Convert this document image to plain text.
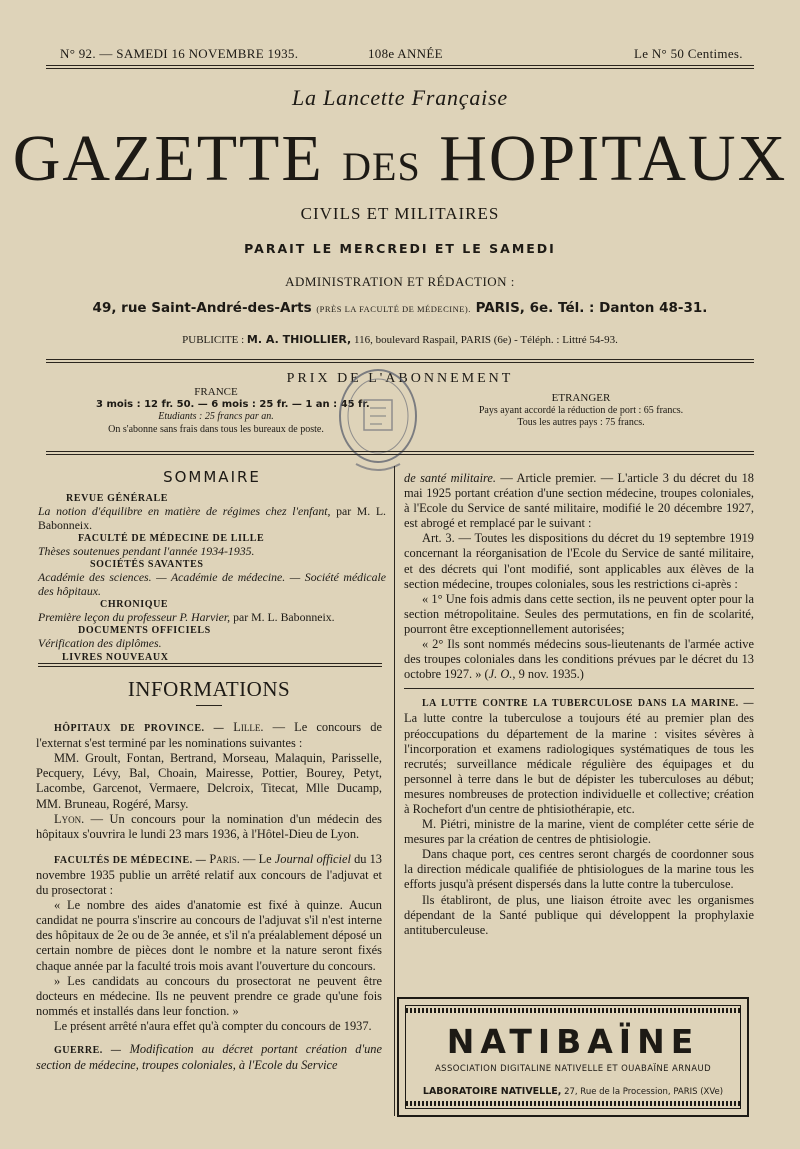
N° 92. — SAMEDI 16 NOVEMBRE 1935.	108e ANNÉE	Le N° 50 Centimes.
La Lancette Française
GAZETTE DES HOPITAUX
CIVILS ET MILITAIRES
PARAIT LE MERCREDI ET LE SAMEDI
ADMINISTRATION ET RÉDACTION :
49, rue Saint-André-des-Arts (PRÈS LA FACULTÉ DE MÉDECINE). PARIS, 6e. Tél. : Danton 48-31.
PUBLICITE : M. A. THIOLLIER, 116, boulevard Raspail, PARIS (6e) - Téléph. : Littré 54-93.
PRIX DE L'ABONNEMENT
FRANCE
3 mois : 12 fr. 50. — 6 mois : 25 fr. — 1 an : 45 fr.
Etudiants : 25 francs par an.
On s'abonne sans frais dans tous les bureaux de poste.
ETRANGER
Pays ayant accordé la réduction de port : 65 francs.
Tous les autres pays : 75 francs.
SOMMAIRE
REVUE GÉNÉRALE
La notion d'équilibre en matière de régimes chez l'enfant, par M. L. Babonneix.
FACULTÉ DE MÉDECINE DE LILLE
Thèses soutenues pendant l'année 1934-1935.
SOCIÉTÉS SAVANTES
Académie des sciences. — Académie de médecine. — Société médicale des hôpitaux.
CHRONIQUE
Première leçon du professeur P. Harvier, par M. L. Babonneix.
DOCUMENTS OFFICIELS
Vérification des diplômes.
LIVRES NOUVEAUX
INFORMATIONS

HÔPITAUX DE PROVINCE. — Lille. — Le concours de l'externat s'est terminé par les nominations suivantes :

MM. Groult, Fontan, Bertrand, Morseau, Malaquin, Parisselle, Pecquery, Lévy, Bal, Choain, Mairesse, Pottier, Bourey, Petyt, Lacombe, Garcenot, Vermaere, Delcroix, Titecat, Mlle Ducamp, MM. Bruneau, Rogéré, Marsy.

Lyon. — Un concours pour la nomination d'un médecin des hôpitaux s'ouvrira le lundi 23 mars 1936, à l'Hôtel-Dieu de Lyon.

FACULTÉS DE MÉDECINE. — Paris. — Le Journal officiel du 13 novembre 1935 publie un arrêté relatif aux concours de l'adjuvat et du prosectorat :

« Le nombre des aides d'anatomie est fixé à quinze. Aucun candidat ne pourra s'inscrire au concours de l'adjuvat s'il n'est interne des hôpitaux de 2e ou de 3e année, et s'il n'a préalablement déposé un certain nombre de pièces dont le nombre et la nature seront fixés chaque année par la faculté trois mois avant l'ouverture du concours.

» Les candidats au concours du prosectorat ne peuvent être docteurs en médecine. Ils ne peuvent prendre ce grade qu'une fois nommés et installés dans leur fonction. »

Le présent arrêté n'aura effet qu'à compter du concours de 1937.

GUERRE. — Modification au décret portant création d'une section de médecine, troupes coloniales, à l'Ecole du Service

de santé militaire. — Article premier. — L'article 3 du décret du 18 mai 1925 portant création d'une section médecine, troupes coloniales, à l'Ecole du Service de santé militaire, modifié le 20 décembre 1927, est abrogé et remplacé par le suivant :

Art. 3. — Toutes les dispositions du décret du 19 septembre 1919 concernant la réorganisation de l'Ecole du Service de santé militaire, et des décrets qui l'ont modifié, sont applicables aux élèves de la section médecine, troupes coloniales, sous les restrictions ci-après :

« 1° Une fois admis dans cette section, ils ne peuvent opter pour la section métropolitaine. Seules des permutations, en fin de scolarité, pourront être exceptionnellement autorisées;

« 2° Ils sont nommés médecins sous-lieutenants de l'armée active des troupes coloniales dans les conditions prévues par le décret du 13 octobre 1927. » (J. O., 9 nov. 1935.)

LA LUTTE CONTRE LA TUBERCULOSE DANS LA MARINE. — La lutte contre la tuberculose a toujours été au premier plan des préoccupations du département de la marine : visites sévères à l'incorporation et examens radiologiques systématiques de tous les recrutés; surveillance médicale régulière des équipages et du personnel à terre dans le but de dépister les tuberculoses au début; mesures nombreuses de protection individuelle et collective; création à Rochefort d'un centre de phtisiothérapie, etc.

M. Piétri, ministre de la marine, vient de compléter cette série de mesures par la création de centres de phtisiologie.

Dans chaque port, ces centres seront chargés de coordonner sous la direction médicale qualifiée de phtisiologues de la marine tous les efforts jusqu'à présent dispersés dans la lutte contre la tuberculose.

Ils établiront, de plus, une liaison étroite avec les organismes dépendant de la Santé publique qui développent la prophylaxie antituberculeuse.

NATIBAÏNE
ASSOCIATION DIGITALINE NATIVELLE ET OUABAÏNE ARNAUD
LABORATOIRE NATIVELLE, 27, Rue de la Procession, PARIS (XVe)
